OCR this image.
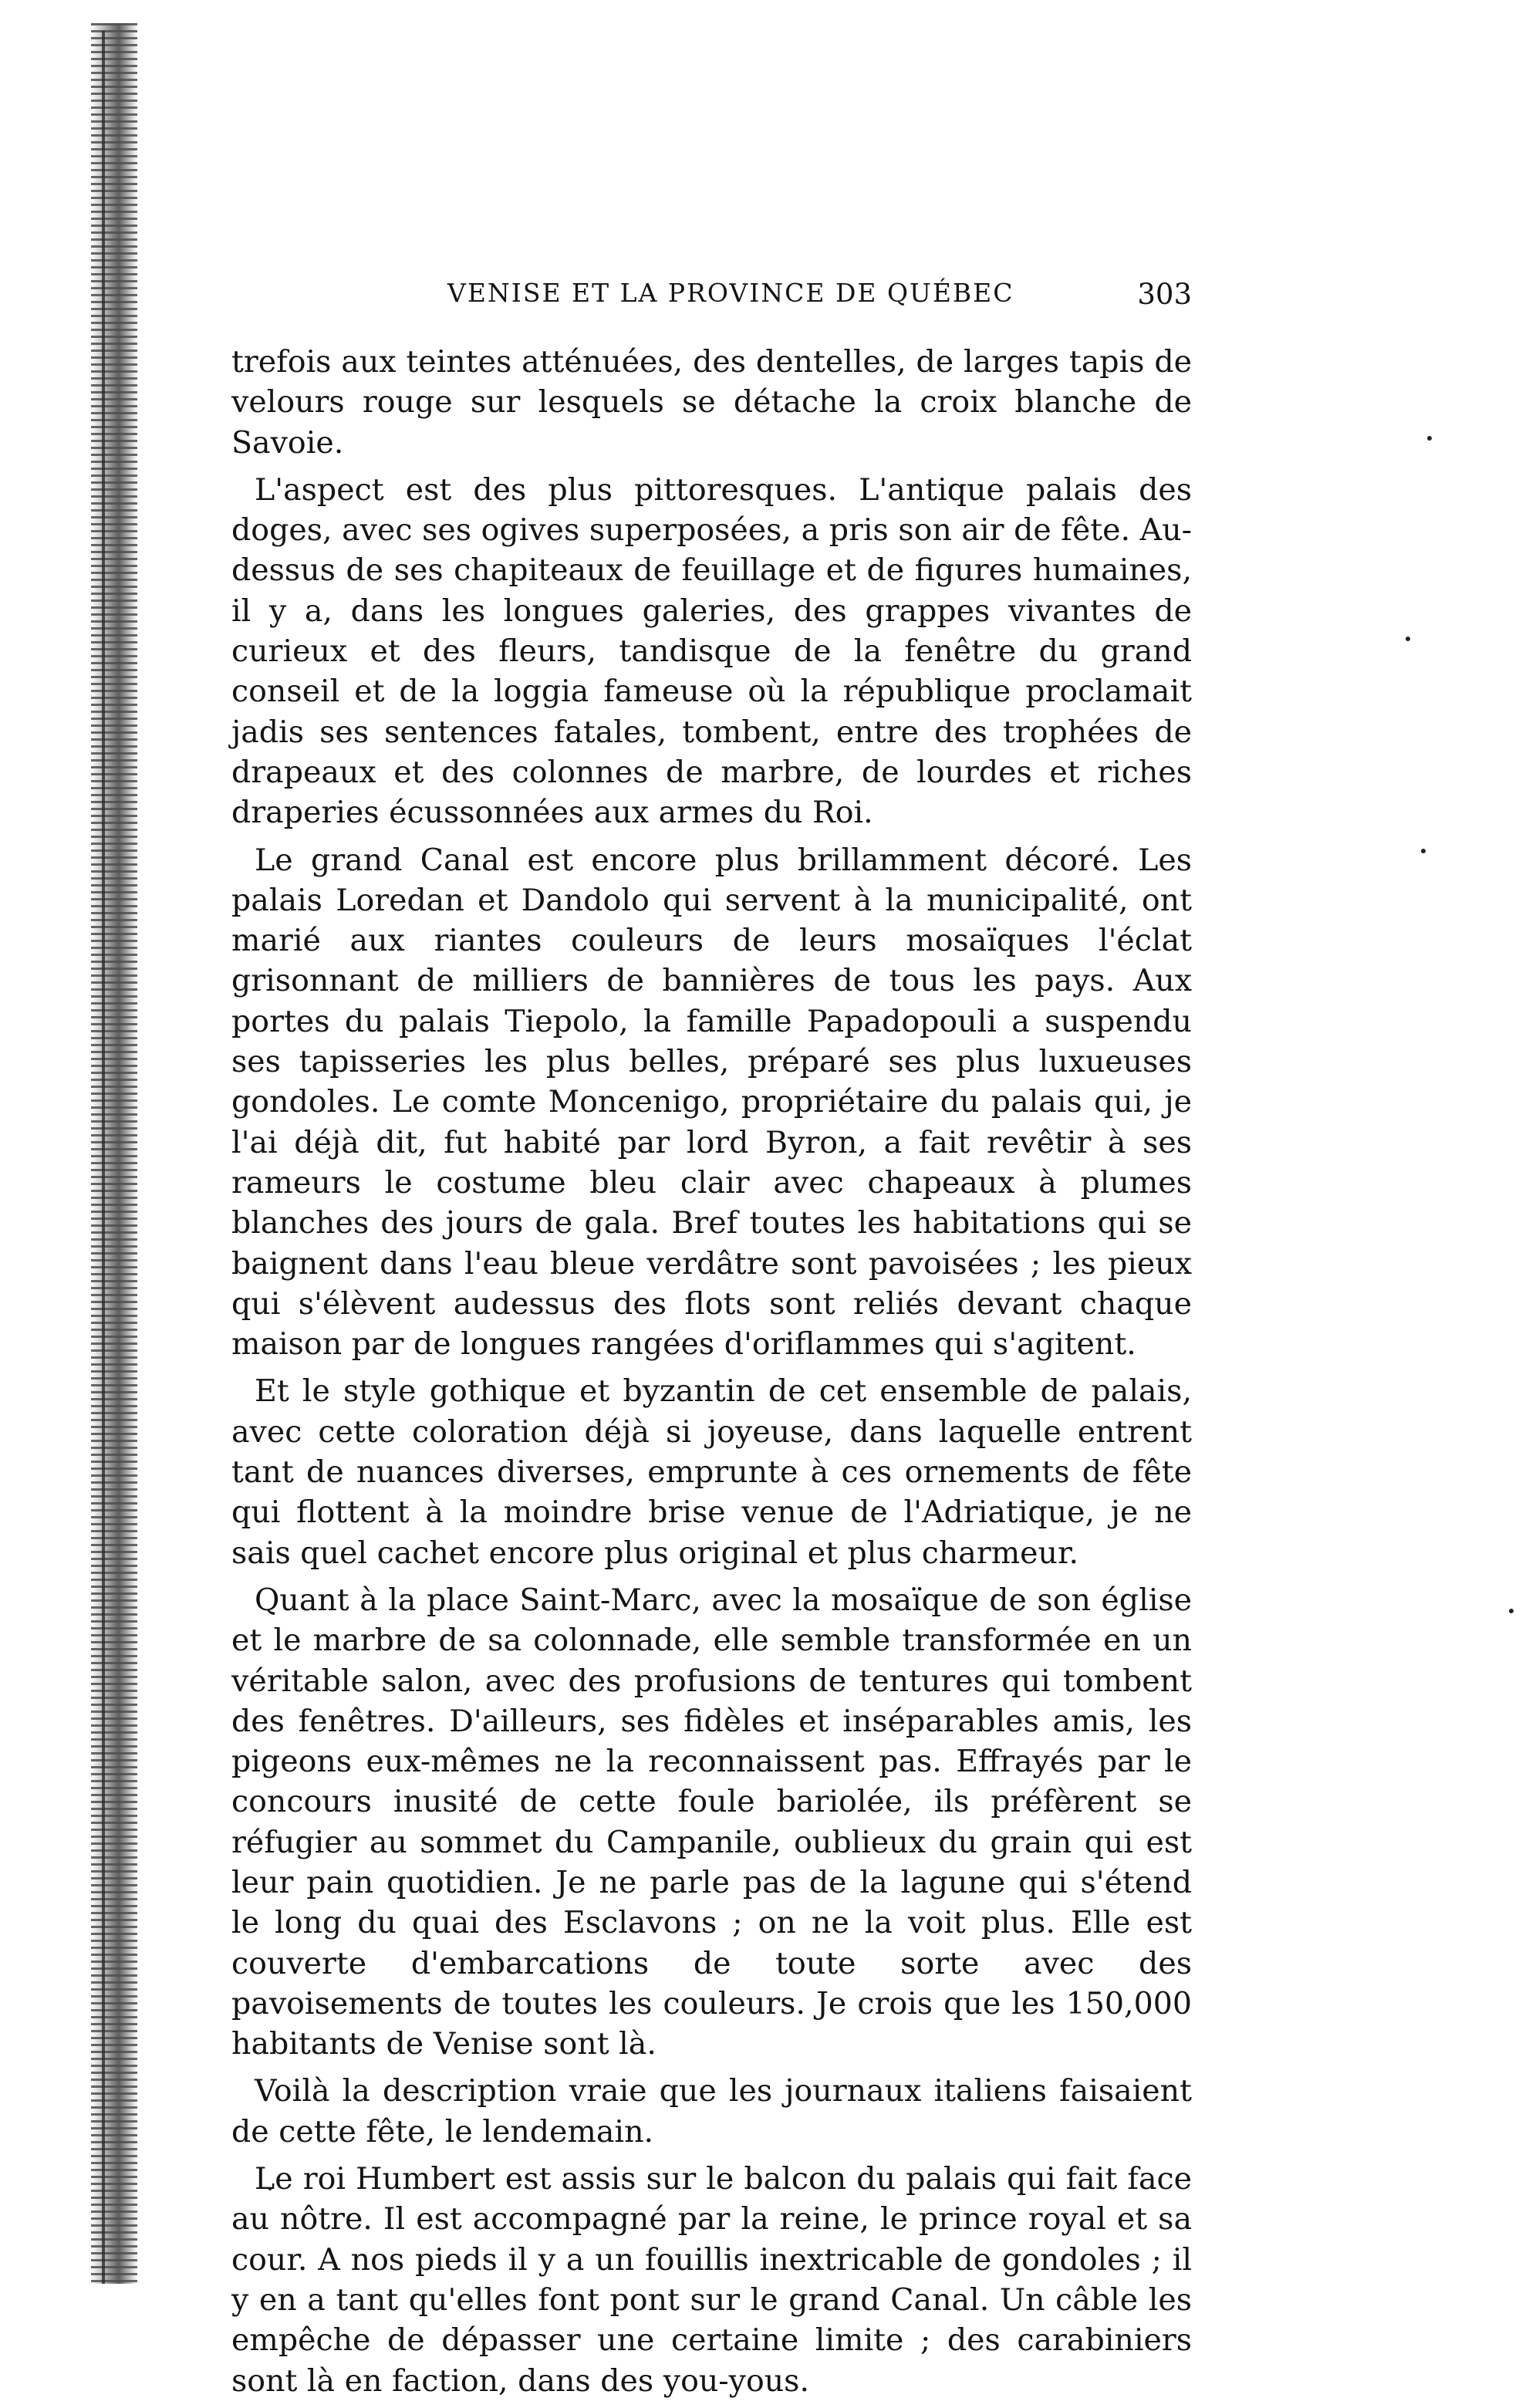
VENISE ET LA PROVINCE DE QUÉBEC	303

trefois aux teintes atténuées, des dentelles, de larges tapis de velours rouge sur lesquels se détache la croix blanche de Savoie.

L'aspect est des plus pittoresques. L'antique palais des doges, avec ses ogives superposées, a pris son air de fête. Au-dessus de ses chapiteaux de feuillage et de figures humaines, il y a, dans les longues galeries, des grappes vivantes de curieux et des fleurs, tandisque de la fenêtre du grand conseil et de la loggia fameuse où la république proclamait jadis ses sentences fatales, tombent, entre des trophées de drapeaux et des colonnes de marbre, de lourdes et riches draperies écussonnées aux armes du Roi.

Le grand Canal est encore plus brillamment décoré. Les palais Loredan et Dandolo qui servent à la municipalité, ont marié aux riantes couleurs de leurs mosaïques l'éclat grisonnant de milliers de bannières de tous les pays. Aux portes du palais Tiepolo, la famille Papadopouli a suspendu ses tapisseries les plus belles, préparé ses plus luxueuses gondoles. Le comte Moncenigo, propriétaire du palais qui, je l'ai déjà dit, fut habité par lord Byron, a fait revêtir à ses rameurs le costume bleu clair avec chapeaux à plumes blanches des jours de gala. Bref toutes les habitations qui se baignent dans l'eau bleue verdâtre sont pavoisées ; les pieux qui s'élèvent audessus des flots sont reliés devant chaque maison par de longues rangées d'oriflammes qui s'agitent.

Et le style gothique et byzantin de cet ensemble de palais, avec cette coloration déjà si joyeuse, dans laquelle entrent tant de nuances diverses, emprunte à ces ornements de fête qui flottent à la moindre brise venue de l'Adriatique, je ne sais quel cachet encore plus original et plus charmeur.

Quant à la place Saint-Marc, avec la mosaïque de son église et le marbre de sa colonnade, elle semble transformée en un véritable salon, avec des profusions de tentures qui tombent des fenêtres. D'ailleurs, ses fidèles et inséparables amis, les pigeons eux-mêmes ne la reconnaissent pas. Effrayés par le concours inusité de cette foule bariolée, ils préfèrent se réfugier au sommet du Campanile, oublieux du grain qui est leur pain quotidien. Je ne parle pas de la lagune qui s'étend le long du quai des Esclavons ; on ne la voit plus. Elle est couverte d'embarcations de toute sorte avec des pavoisements de toutes les couleurs. Je crois que les 150,000 habitants de Venise sont là.

Voilà la description vraie que les journaux italiens faisaient de cette fête, le lendemain.

Le roi Humbert est assis sur le balcon du palais qui fait face au nôtre. Il est accompagné par la reine, le prince royal et sa cour. A nos pieds il y a un fouillis inextricable de gondoles ; il y en a tant qu'elles font pont sur le grand Canal. Un câble les empêche de dépasser une certaine limite ; des carabiniers sont là en faction, dans des you-yous.
